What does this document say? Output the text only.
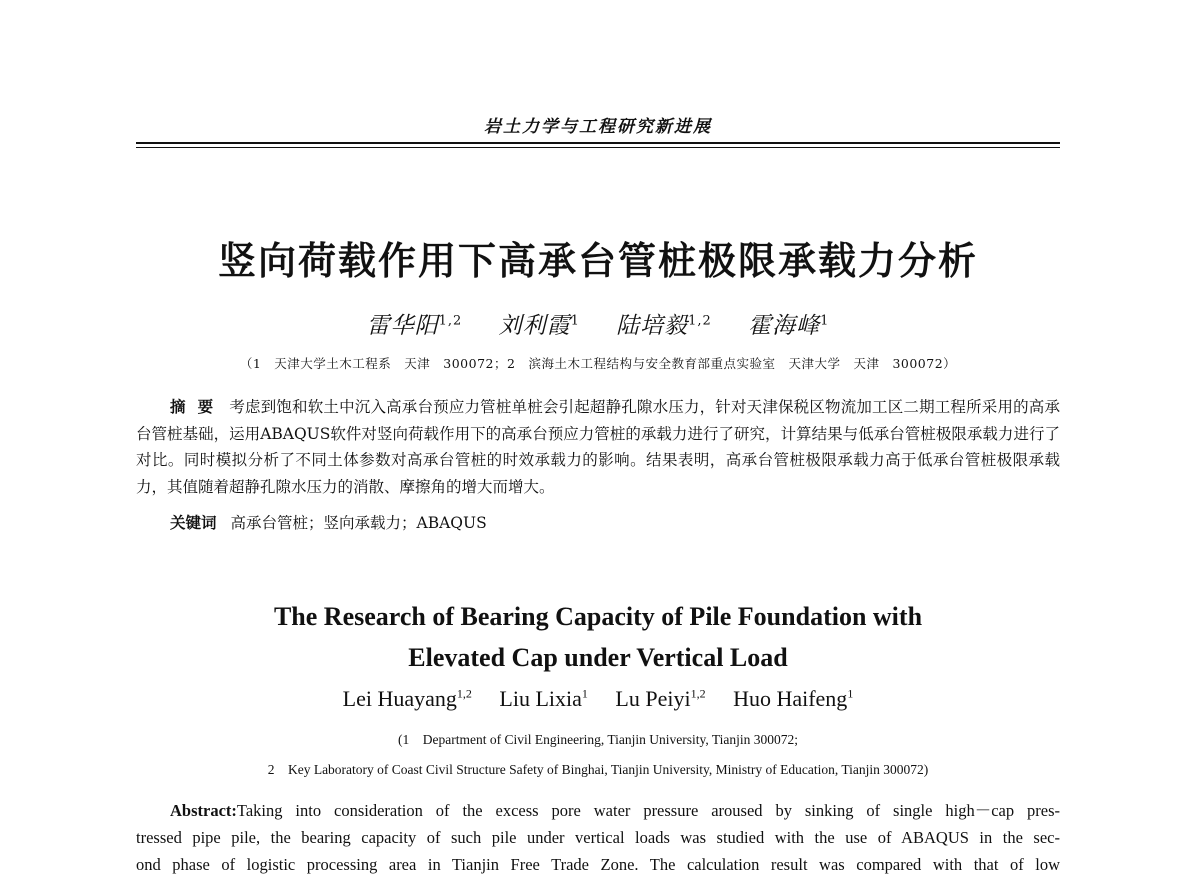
岩土力学与工程研究新进展
竖向荷载作用下高承台管桩极限承载力分析
雷华阳$^{1,2}$ 刘利霞$^1$ 陆培毅$^{1,2}$ 霍海峰$^1$
（1　天津大学土木工程系　天津　300072；2　滨海土木工程结构与安全教育部重点实验室　天津大学　天津　300072）
摘要 考虑到饱和软土中沉入高承台预应力管桩单桩会引起超静孔隙水压力，针对天津保税区物流加工区二期工程所采用的高承台管桩基础，运用ABAQUS软件对竖向荷载作用下的高承台预应力管桩的承载力进行了研究，计算结果与低承台管桩极限承载力进行了对比。同时模拟分析了不同土体参数对高承台管桩的时效承载力的影响。结果表明，高承台管桩极限承载力高于低承台管桩极限承载力，其值随着超静孔隙水压力的消散、摩擦角的增大而增大。
关键词 高承台管桩；竖向承载力；ABAQUS
The Research of Bearing Capacity of Pile Foundation with
Elevated Cap under Vertical Load
Lei Huayang$^{1,2}$ Liu Lixia$^1$ Lu Peiyi$^{1,2}$ Huo Haifeng$^1$
(1　Department of Civil Engineering, Tianjin University, Tianjin 300072;
2　Key Laboratory of Coast Civil Structure Safety of Binghai, Tianjin University, Ministry of Education, Tianjin 300072)
Abstract:Taking into consideration of the excess pore water pressure aroused by sinking of single high－cap pres-
tressed pipe pile, the bearing capacity of such pile under vertical loads was studied with the use of ABAQUS in the sec-
ond phase of logistic processing area in Tianjin Free Trade Zone. The calculation result was compared with that of low
